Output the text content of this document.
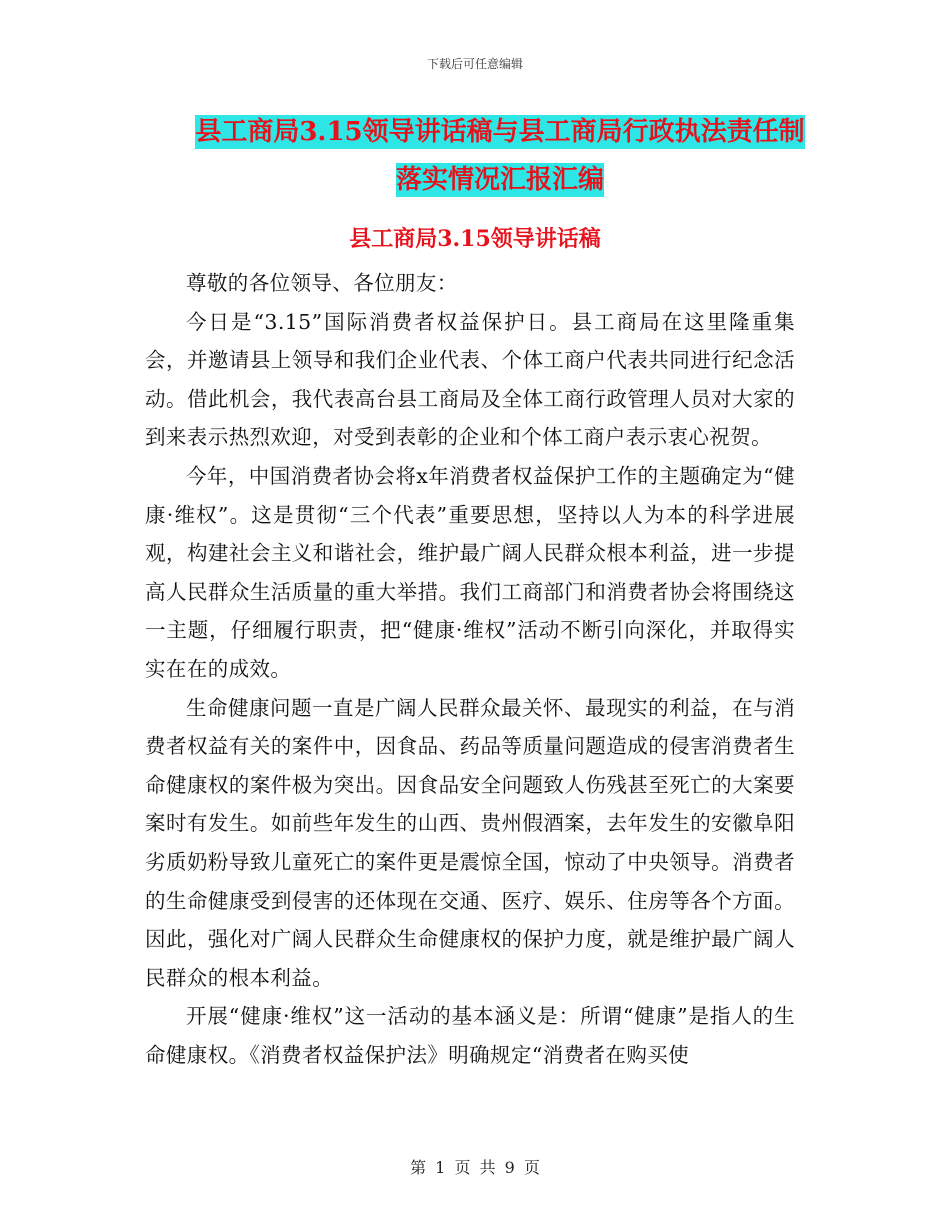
下载后可任意编辑
县工商局3.15领导讲话稿与县工商局行政执法责任制
落实情况汇报汇编
县工商局3.15领导讲话稿

尊敬的各位领导、各位朋友：

今日是“3.15”国际消费者权益保护日。县工商局在这里隆重集会，并邀请县上领导和我们企业代表、个体工商户代表共同进行纪念活动。借此机会，我代表高台县工商局及全体工商行政管理人员对大家的到来表示热烈欢迎，对受到表彰的企业和个体工商户表示衷心祝贺。

今年，中国消费者协会将x年消费者权益保护工作的主题确定为“健康·维权”。这是贯彻“三个代表”重要思想，坚持以人为本的科学进展观，构建社会主义和谐社会，维护最广阔人民群众根本利益，进一步提高人民群众生活质量的重大举措。我们工商部门和消费者协会将围绕这一主题，仔细履行职责，把“健康·维权”活动不断引向深化，并取得实实在在的成效。

生命健康问题一直是广阔人民群众最关怀、最现实的利益，在与消费者权益有关的案件中，因食品、药品等质量问题造成的侵害消费者生命健康权的案件极为突出。因食品安全问题致人伤残甚至死亡的大案要案时有发生。如前些年发生的山西、贵州假酒案，去年发生的安徽阜阳劣质奶粉导致儿童死亡的案件更是震惊全国，惊动了中央领导。消费者的生命健康受到侵害的还体现在交通、医疗、娱乐、住房等各个方面。因此，强化对广阔人民群众生命健康权的保护力度，就是维护最广阔人民群众的根本利益。

开展“健康·维权”这一活动的基本涵义是：所谓“健康”是指人的生命健康权。《消费者权益保护法》明确规定“消费者在购买使

第 1 页 共 9 页
